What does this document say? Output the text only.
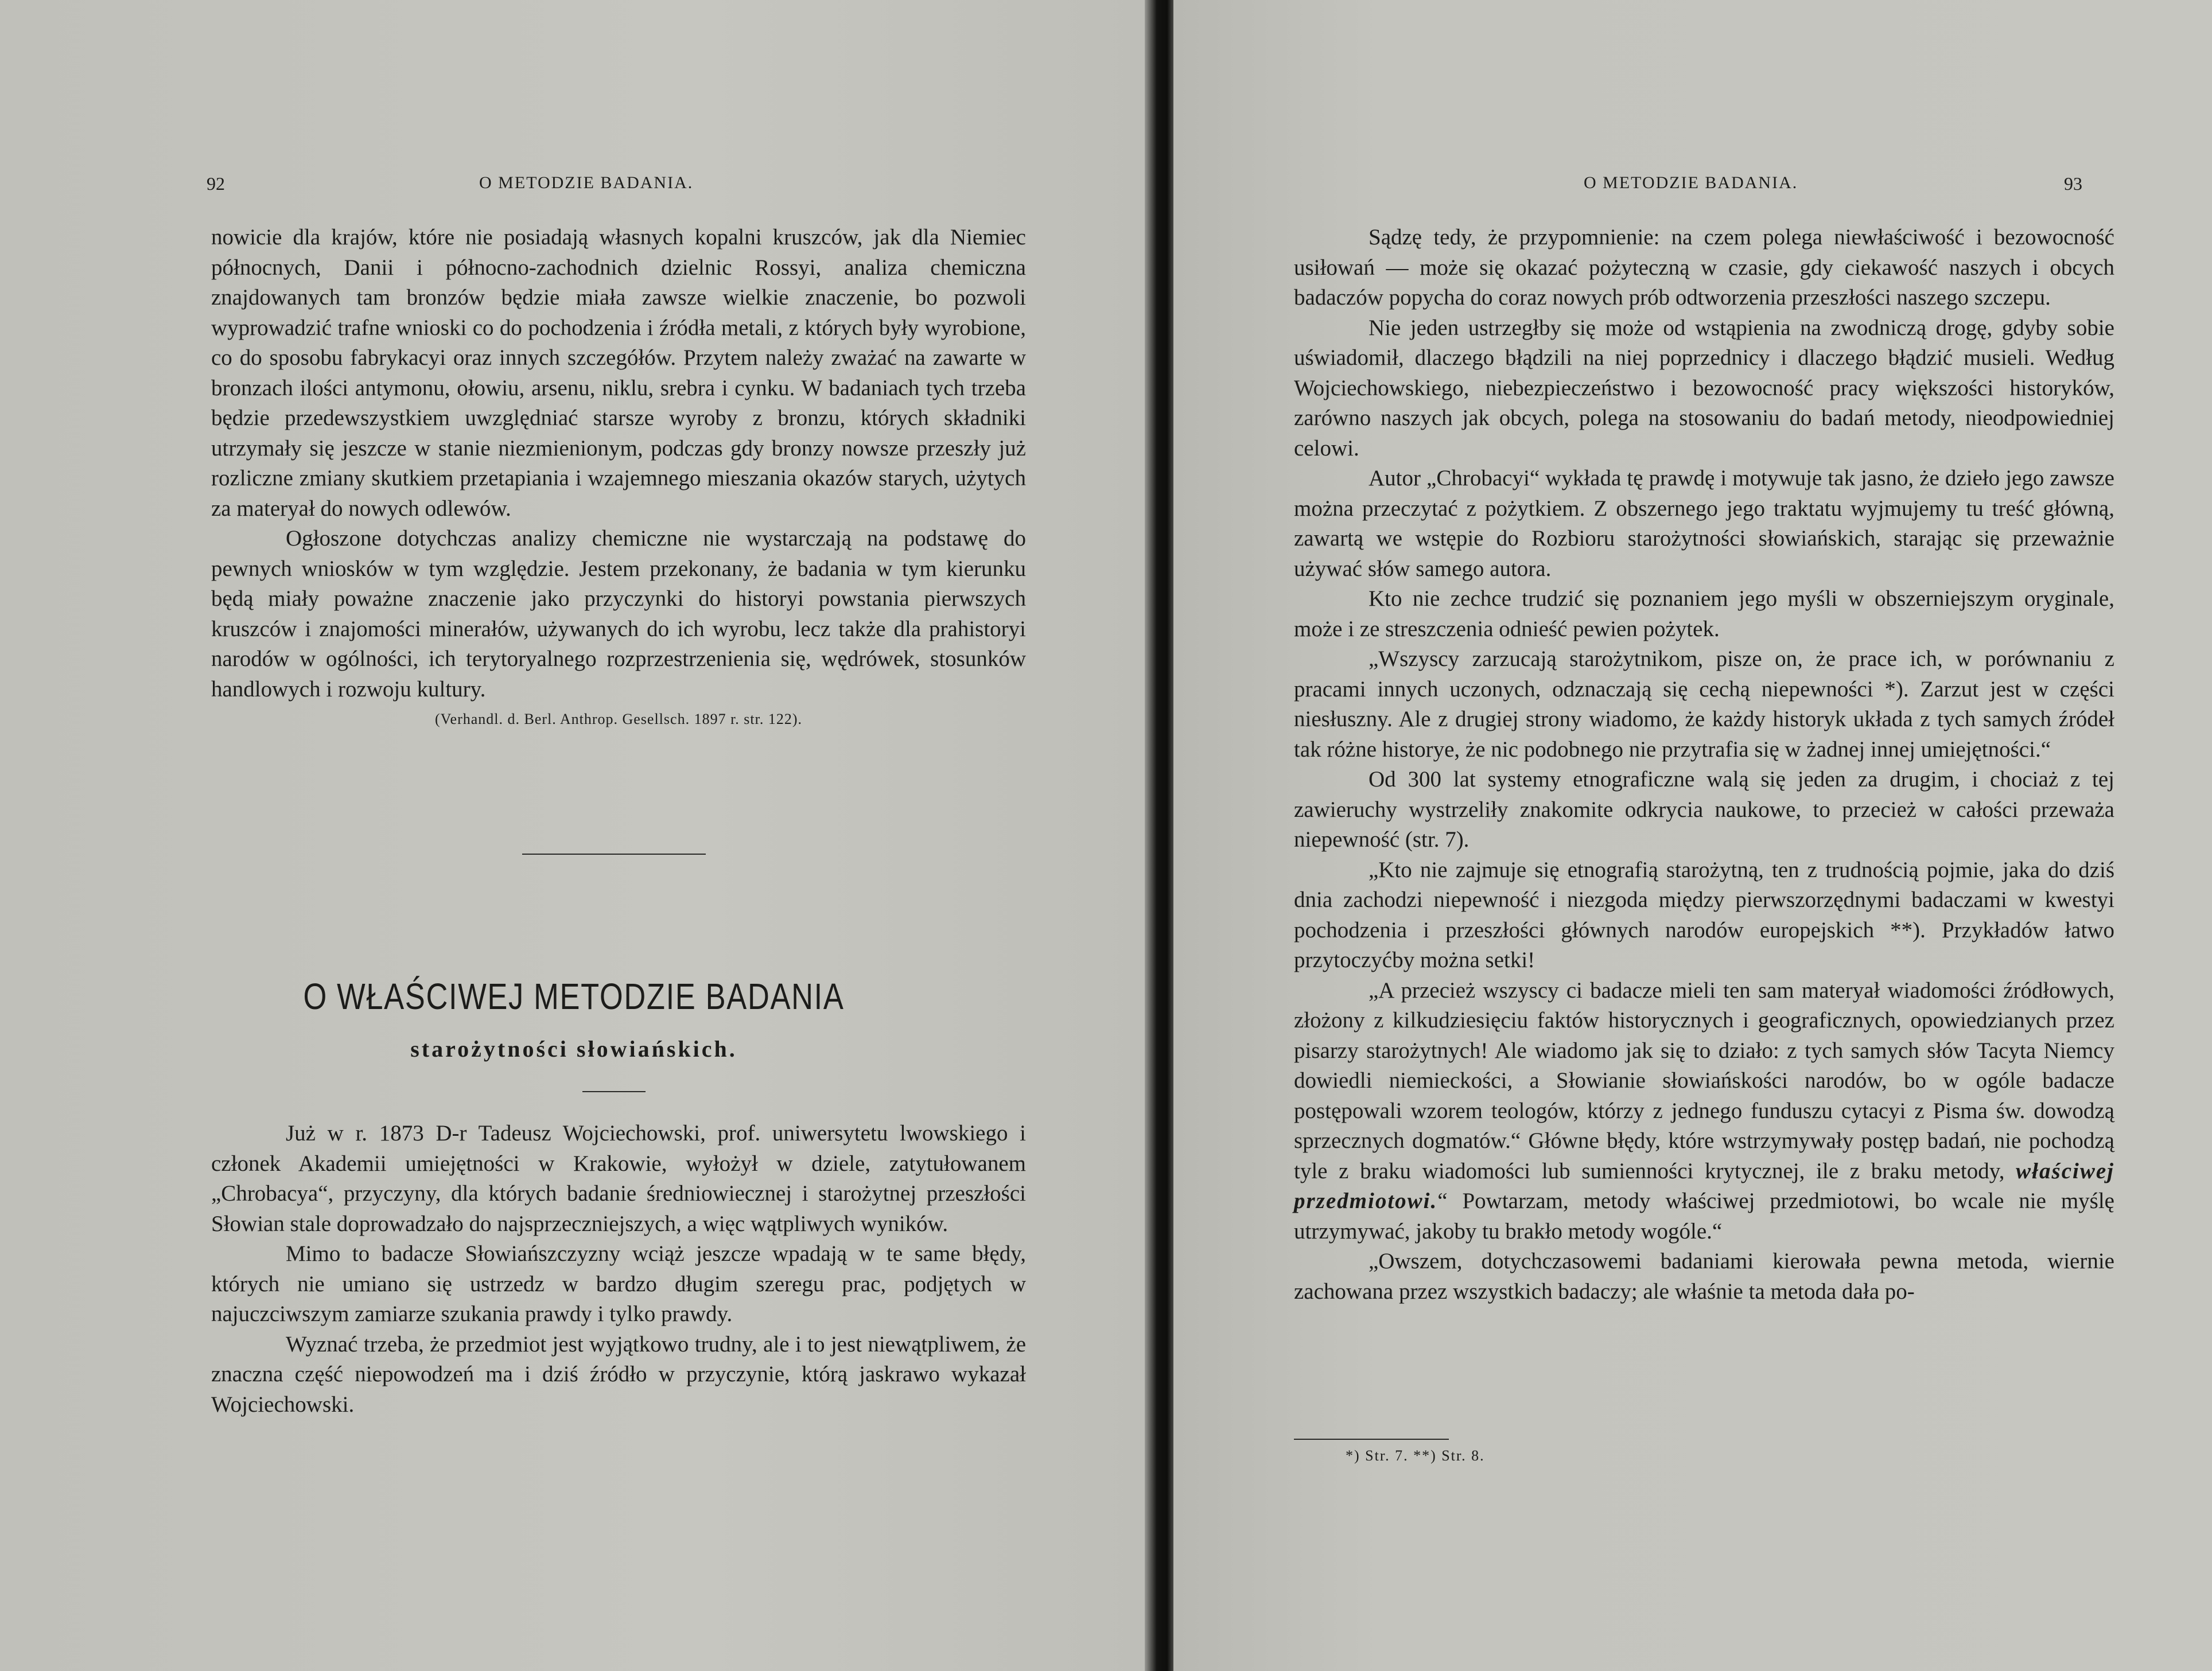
92	O METODZIE BADANIA.

nowicie dla krajów, które nie posiadają własnych kopalni kruszców, jak dla Niemiec północnych, Danii i północno-zachodnich dzielnic Rossyi, analiza chemiczna znajdowanych tam bronzów będzie miała zawsze wielkie znaczenie, bo pozwoli wyprowadzić trafne wnioski co do pochodzenia i źródła metali, z których były wyrobione, co do sposobu fabrykacyi oraz innych szczegółów. Przytem należy zważać na zawarte w bronzach ilości antymonu, ołowiu, arsenu, niklu, srebra i cynku. W badaniach tych trzeba będzie przedewszystkiem uwzględniać starsze wyroby z bronzu, których składniki utrzymały się jeszcze w stanie niezmienionym, podczas gdy bronzy nowsze przeszły już rozliczne zmiany skutkiem przetapiania i wzajemnego mieszania okazów starych, użytych za materyał do nowych odlewów.

Ogłoszone dotychczas analizy chemiczne nie wystarczają na podstawę do pewnych wniosków w tym względzie. Jestem przekonany, że badania w tym kierunku będą miały poważne znaczenie jako przyczynki do historyi powstania pierwszych kruszców i znajomości minerałów, używanych do ich wyrobu, lecz także dla prahistoryi narodów w ogólności, ich terytoryalnego rozprzestrzenienia się, wędrówek, stosunków handlowych i rozwoju kultury.

(Verhandl. d. Berl. Anthrop. Gesellsch. 1897 r. str. 122).

O WŁAŚCIWEJ METODZIE BADANIA
starożytności słowiańskich.

Już w r. 1873 D-r Tadeusz Wojciechowski, prof. uniwersytetu lwowskiego i członek Akademii umiejętności w Krakowie, wyłożył w dziele, zatytułowanem „Chrobacya“, przyczyny, dla których badanie średniowiecznej i starożytnej przeszłości Słowian stale doprowadzało do najsprzeczniejszych, a więc wątpliwych wyników.

Mimo to badacze Słowiańszczyzny wciąż jeszcze wpadają w te same błędy, których nie umiano się ustrzedz w bardzo długim szeregu prac, podjętych w najuczciwszym zamiarze szukania prawdy i tylko prawdy.

Wyznać trzeba, że przedmiot jest wyjątkowo trudny, ale i to jest niewątpliwem, że znaczna część niepowodzeń ma i dziś źródło w przyczynie, którą jaskrawo wykazał Wojciechowski.

O METODZIE BADANIA.	93

Sądzę tedy, że przypomnienie: na czem polega niewłaściwość i bezowocność usiłowań — może się okazać pożyteczną w czasie, gdy ciekawość naszych i obcych badaczów popycha do coraz nowych prób odtworzenia przeszłości naszego szczepu.

Nie jeden ustrzegłby się może od wstąpienia na zwodniczą drogę, gdyby sobie uświadomił, dlaczego błądzili na niej poprzednicy i dlaczego błądzić musieli. Według Wojciechowskiego, niebezpieczeństwo i bezowocność pracy większości historyków, zarówno naszych jak obcych, polega na stosowaniu do badań metody, nieodpowiedniej celowi.

Autor „Chrobacyi“ wykłada tę prawdę i motywuje tak jasno, że dzieło jego zawsze można przeczytać z pożytkiem. Z obszernego jego traktatu wyjmujemy tu treść główną, zawartą we wstępie do Rozbioru starożytności słowiańskich, starając się przeważnie używać słów samego autora.

Kto nie zechce trudzić się poznaniem jego myśli w obszerniejszym oryginale, może i ze streszczenia odnieść pewien pożytek.

„Wszyscy zarzucają starożytnikom, pisze on, że prace ich, w porównaniu z pracami innych uczonych, odznaczają się cechą niepewności *). Zarzut jest w części niesłuszny. Ale z drugiej strony wiadomo, że każdy historyk układa z tych samych źródeł tak różne historye, że nic podobnego nie przytrafia się w żadnej innej umiejętności.“

Od 300 lat systemy etnograficzne walą się jeden za drugim, i chociaż z tej zawieruchy wystrzeliły znakomite odkrycia naukowe, to przecież w całości przeważa niepewność (str. 7).

„Kto nie zajmuje się etnografią starożytną, ten z trudnością pojmie, jaka do dziś dnia zachodzi niepewność i niezgoda między pierwszorzędnymi badaczami w kwestyi pochodzenia i przeszłości głównych narodów europejskich **). Przykładów łatwo przytoczyćby można setki!

„A przecież wszyscy ci badacze mieli ten sam materyał wiadomości źródłowych, złożony z kilkudziesięciu faktów historycznych i geograficznych, opowiedzianych przez pisarzy starożytnych! Ale wiadomo jak się to działo: z tych samych słów Tacyta Niemcy dowiedli niemieckości, a Słowianie słowiańskości narodów, bo w ogóle badacze postępowali wzorem teologów, którzy z jednego funduszu cytacyi z Pisma św. dowodzą sprzecznych dogmatów.“ Główne błędy, które wstrzymywały postęp badań, nie pochodzą tyle z braku wiadomości lub sumienności krytycznej, ile z braku metody, właściwej przedmiotowi.“ Powtarzam, metody właściwej przedmiotowi, bo wcale nie myślę utrzymywać, jakoby tu brakło metody wogóle.“

„Owszem, dotychczasowemi badaniami kierowała pewna metoda, wiernie zachowana przez wszystkich badaczy; ale właśnie ta metoda dała po-

*) Str. 7. **) Str. 8.
